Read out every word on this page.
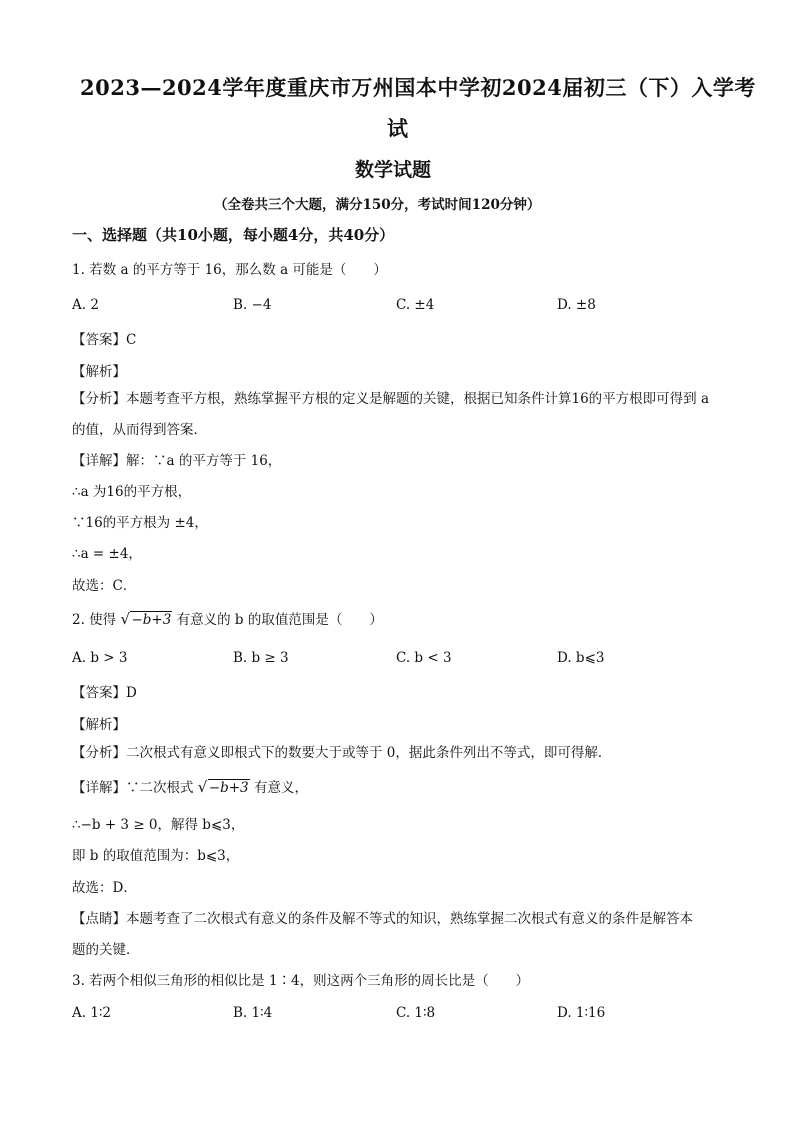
2023—2024学年度重庆市万州国本中学初2024届初三（下）入学考
试
数学试题
（全卷共三个大题，满分150分，考试时间120分钟）
一、选择题（共10小题，每小题4分，共40分）
1. 若数 a 的平方等于 16，那么数 a 可能是（　　）
A. 2	B. −4	C. ±4	D. ±8
【答案】C
【解析】
【分析】本题考查平方根，熟练掌握平方根的定义是解题的关键，根据已知条件计算16的平方根即可得到 a
的值，从而得到答案．
【详解】解：∵a 的平方等于 16，
∴a 为16的平方根，
∵16的平方根为 ±4，
∴a = ±4，
故选：C．
2. 使得 √ −b+3 有意义的 b 的取值范围是（　　）
A. b > 3	B. b ≥ 3	C. b < 3	D. b⩽3
【答案】D
【解析】
【分析】二次根式有意义即根式下的数要大于或等于 0，据此条件列出不等式，即可得解．
【详解】∵二次根式 √ −b+3 有意义，
∴−b + 3 ≥ 0，解得 b⩽3，
即 b 的取值范围为：b⩽3，
故选：D．
【点睛】本题考查了二次根式有意义的条件及解不等式的知识，熟练掌握二次根式有意义的条件是解答本
题的关键．
3. 若两个相似三角形的相似比是 1∶4，则这两个三角形的周长比是（　　）
A. 1∶2	B. 1∶4	C. 1∶8	D. 1∶16
